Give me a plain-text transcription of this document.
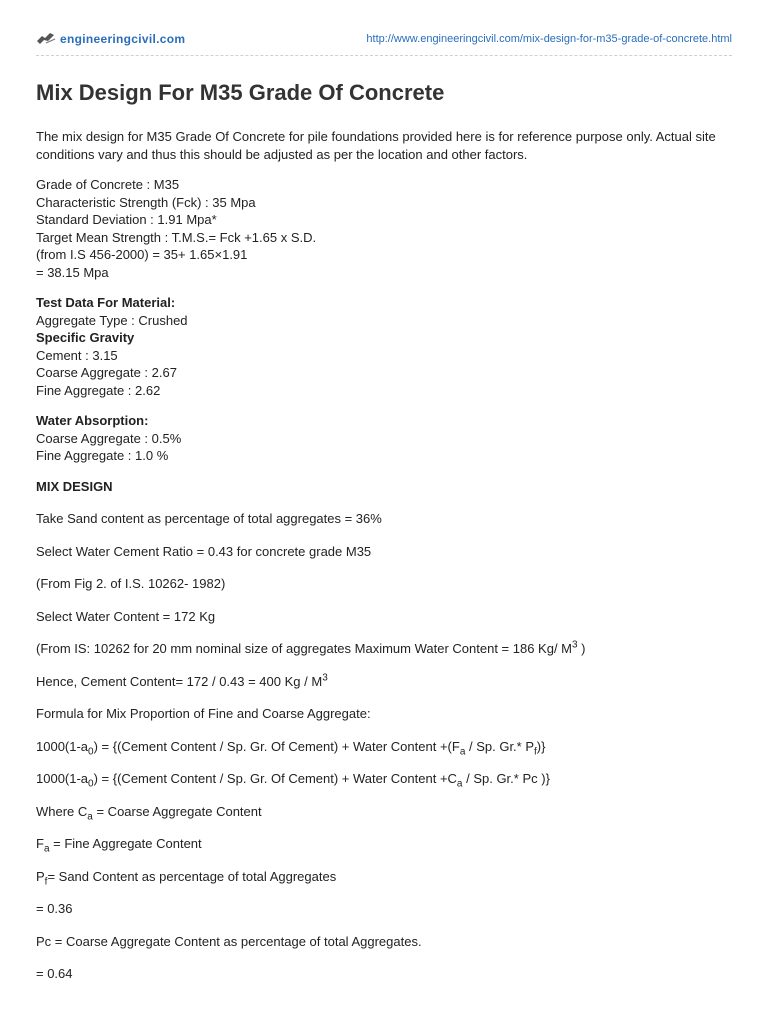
engineeringcivil.com	http://www.engineeringcivil.com/mix-design-for-m35-grade-of-concrete.html
Mix Design For M35 Grade Of Concrete

The mix design for M35 Grade Of Concrete for pile foundations provided here is for reference purpose only. Actual site conditions vary and thus this should be adjusted as per the location and other factors.

Grade of Concrete : M35
Characteristic Strength (Fck) : 35 Mpa
Standard Deviation : 1.91 Mpa*
Target Mean Strength : T.M.S.= Fck +1.65 x S.D.
(from I.S 456-2000) = 35+ 1.65×1.91
= 38.15 Mpa
Test Data For Material:
Aggregate Type : Crushed
Specific Gravity
Cement : 3.15
Coarse Aggregate : 2.67
Fine Aggregate : 2.62
Water Absorption:
Coarse Aggregate : 0.5%
Fine Aggregate : 1.0 %
MIX DESIGN
Take Sand content as percentage of total aggregates = 36%
Select Water Cement Ratio = 0.43 for concrete grade M35
(From Fig 2. of I.S. 10262- 1982)
Select Water Content = 172 Kg
(From IS: 10262 for 20 mm nominal size of aggregates Maximum Water Content = 186 Kg/ $M^3$ )
Hence, Cement Content= 172 / 0.43 = 400 Kg / $M^3$
Formula for Mix Proportion of Fine and Coarse Aggregate:
$1000(1-a_0)$ = {(Cement Content / Sp. Gr. Of Cement) + Water Content $+(F_a / Sp$. Gr.* $P_f$)}
$1000(1-a_0)$ = {(Cement Content / Sp. Gr. Of Cement) + Water Content $+C_a / Sp$. Gr.* Pc )}
Where $C_a$ = Coarse Aggregate Content
$F_a$ = Fine Aggregate Content
$P_f=$ Sand Content as percentage of total Aggregates
= 0.36
Pc = Coarse Aggregate Content as percentage of total Aggregates.
= 0.64
